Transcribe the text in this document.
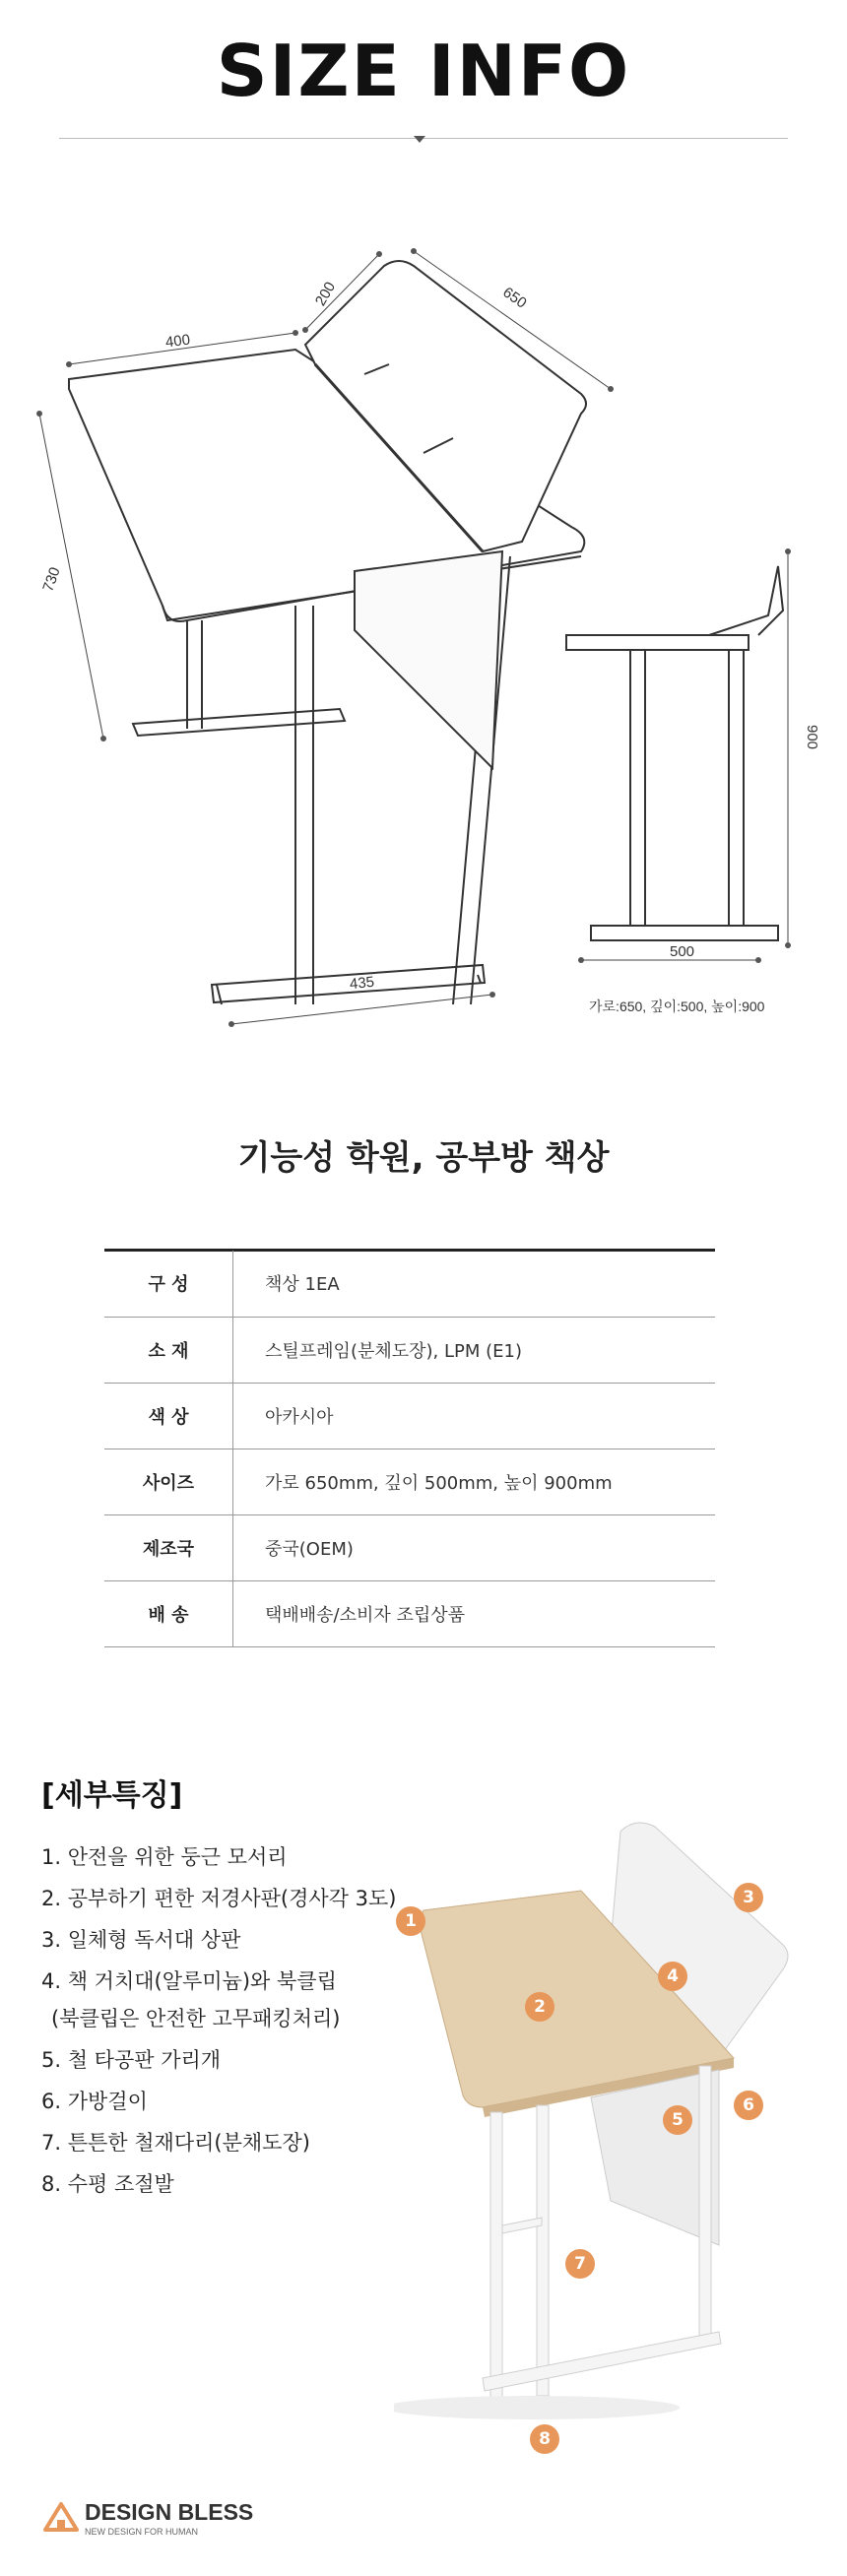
SIZE INFO
200	650
400
730
435
900
500
가로:650, 깊이:500, 높이:900
기능성 학원, 공부방 책상
구 성	책상 1EA
소 재	스틸프레임(분체도장), LPM (E1)
색 상	아카시아
사이즈	가로 650mm, 깊이 500mm, 높이 900mm
제조국	중국(OEM)
배 송	택배배송/소비자 조립상품
[세부특징]
1. 안전을 위한 둥근 모서리
2. 공부하기 편한 저경사판(경사각 3도)
3. 일체형 독서대 상판
4. 책 거치대(알루미늄)와 북클립
(북클립은 안전한 고무패킹처리)
5. 철 타공판 가리개
6. 가방걸이
7. 튼튼한 철재다리(분채도장)
8. 수평 조절발
1
2
3
4
5
6
7
8
DESIGN BLESS
NEW DESIGN FOR HUMAN
